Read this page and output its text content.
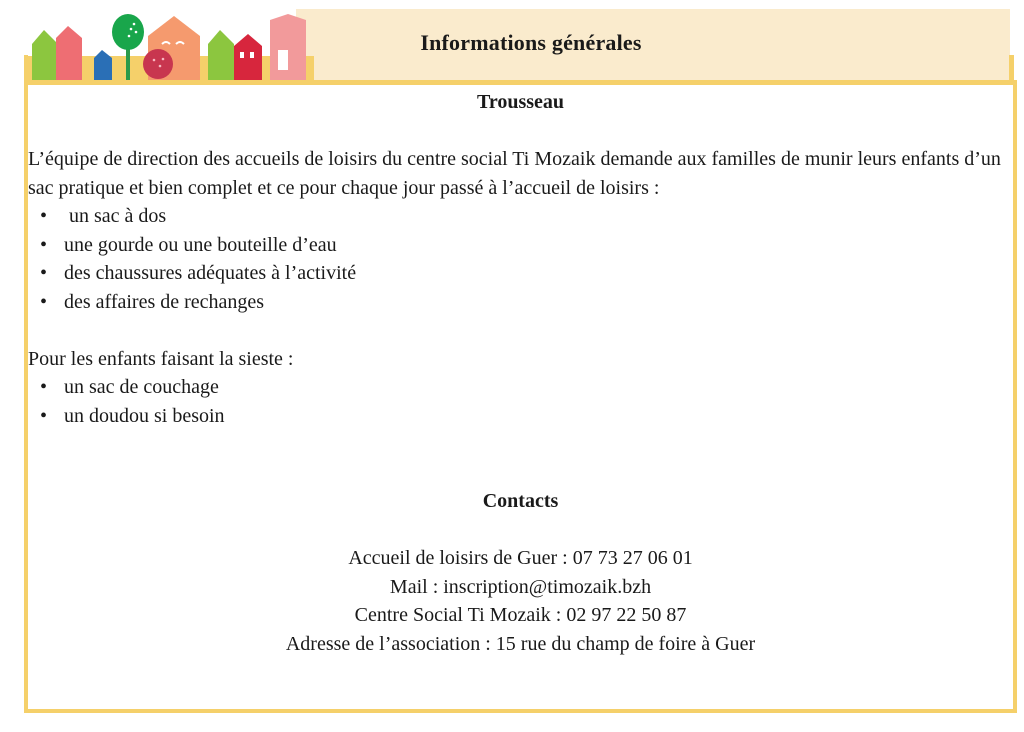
Informations générales
Trousseau

L’équipe de direction des accueils de loisirs du centre social Ti Mozaik demande aux familles de munir leurs enfants d’un sac pratique et bien complet et ce pour chaque jour passé à l’accueil de loisirs :

•  un sac à dos
• une gourde ou une bouteille d’eau
• des chaussures adéquates à l’activité
• des affaires de rechanges

Pour les enfants faisant la sieste :

• un sac de couchage
• un doudou si besoin
Contacts
Accueil de loisirs de Guer : 07 73 27 06 01
Mail : inscription@timozaik.bzh
Centre Social Ti Mozaik : 02 97 22 50 87
Adresse de l’association : 15 rue du champ de foire à Guer
